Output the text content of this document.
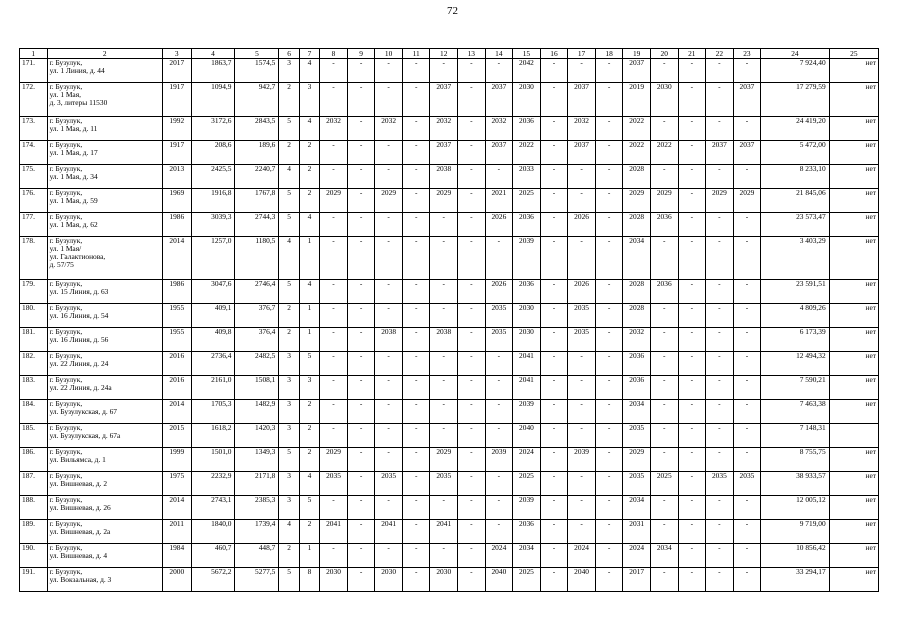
72
1	2	3	4	5	6	7	8	9	10	11	12	13	14	15	16	17	18	19	20	21	22	23	24	25
171.	г. Бузулук,
ул. 1 Линия, д. 44	2017	1863,7	1574,5	3	4	-	-	-	-	-	-	-	2042	-	-	-	2037	-	-	-	-	7 924,40	нет
172.	г. Бузулук,
ул. 1 Мая,
д. 3, литеры 11530	1917	1094,9	942,7	2	3	-	-	-	-	2037	-	2037	2030	-	2037	-	2019	2030	-	-	2037	17 279,59	нет
173.	г. Бузулук,
ул. 1 Мая, д. 11	1992	3172,6	2843,5	5	4	2032	-	2032	-	2032	-	2032	2036	-	2032	-	2022	-	-	-	-	24 419,20	нет
174.	г. Бузулук,
ул. 1 Мая, д. 17	1917	208,6	189,6	2	2	-	-	-	-	2037	-	2037	2022	-	2037	-	2022	2022	-	2037	2037	5 472,00	нет
175.	г. Бузулук,
ул. 1 Мая, д. 34	2013	2425,5	2240,7	4	2	-	-	-	-	2038	-	-	2033	-	-	-	2028	-	-	-	-	8 233,10	нет
176.	г. Бузулук,
ул. 1 Мая, д. 59	1969	1916,8	1767,8	5	2	2029	-	2029	-	2029	-	2021	2025	-	-	-	2029	2029	-	2029	2029	21 845,06	нет
177.	г. Бузулук,
ул. 1 Мая, д. 62	1986	3039,3	2744,3	5	4	-	-	-	-	-	-	2026	2036	-	2026	-	2028	2036	-	-	-	23 573,47	нет
178.	г. Бузулук,
ул. 1 Мая/
ул. Галактионова,
д. 57/75	2014	1257,0	1180,5	4	1	-	-	-	-	-	-	-	2039	-	-	-	2034	-	-	-	-	3 403,29	нет
179.	г. Бузулук,
ул. 15 Линия, д. 63	1986	3047,6	2746,4	5	4	-	-	-	-	-	-	2026	2036	-	2026	-	2028	2036	-	-	-	23 591,51	нет
180.	г. Бузулук,
ул. 16 Линия, д. 54	1955	409,1	376,7	2	1	-	-	-	-	-	-	2035	2030	-	2035	-	2028	-	-	-	-	4 809,26	нет
181.	г. Бузулук,
ул. 16 Линия, д. 56	1955	409,8	376,4	2	1	-	-	2038	-	2038	-	2035	2030	-	2035	-	2032	-	-	-	-	6 173,39	нет
182.	г. Бузулук,
ул. 22 Линия, д. 24	2016	2736,4	2482,5	3	5	-	-	-	-	-	-	-	2041	-	-	-	2036	-	-	-	-	12 494,32	нет
183.	г. Бузулук,
ул. 22 Линия, д. 24а	2016	2161,0	1508,1	3	3	-	-	-	-	-	-	-	2041	-	-	-	2036	-	-	-	-	7 590,21	нет
184.	г. Бузулук,
ул. Бузулукская, д. 67	2014	1705,3	1482,9	3	2	-	-	-	-	-	-	-	2039	-	-	-	2034	-	-	-	-	7 463,38	нет
185.	г. Бузулук,
ул. Бузулукская, д. 67а	2015	1618,2	1420,3	3	2	-	-	-	-	-	-	-	2040	-	-	-	2035	-	-	-	-	7 148,31	
186.	г. Бузулук,
ул. Вильямса, д. 1	1999	1501,0	1349,3	5	2	2029	-	-	-	2029	-	2039	2024	-	2039	-	2029	-	-	-	-	8 755,75	нет
187.	г. Бузулук,
ул. Вишневая, д. 2	1975	2232,9	2171,8	3	4	2035	-	2035	-	2035	-	-	2025	-	-	-	2035	2025	-	2035	2035	38 933,57	нет
188.	г. Бузулук,
ул. Вишневая, д. 26	2014	2743,1	2385,3	3	5	-	-	-	-	-	-	-	2039	-	-	-	2034	-	-	-	-	12 005,12	нет
189.	г. Бузулук,
ул. Вишневая, д. 2а	2011	1840,0	1739,4	4	2	2041	-	2041	-	2041	-	-	2036	-	-	-	2031	-	-	-	-	9 719,00	нет
190.	г. Бузулук,
ул. Вишневая, д. 4	1984	460,7	448,7	2	1	-	-	-	-	-	-	2024	2034	-	2024	-	2024	2034	-	-	-	10 856,42	нет
191.	г. Бузулук,
ул. Вокзальная, д. 3	2000	5672,2	5277,5	5	8	2030	-	2030	-	2030	-	2040	2025	-	2040	-	2017	-	-	-	-	33 294,17	нет
